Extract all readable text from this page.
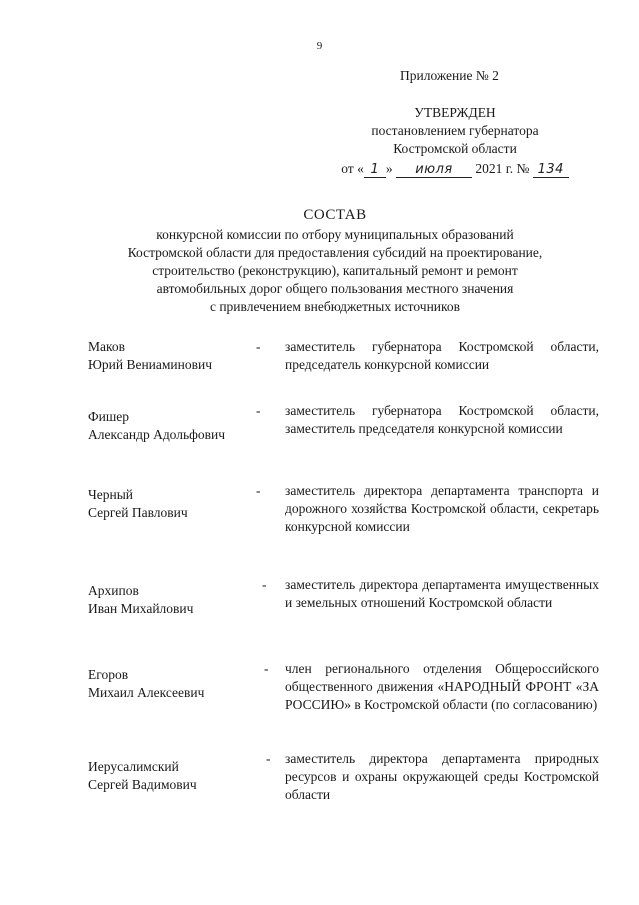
9
Приложение № 2
УТВЕРЖДЕН
постановлением губернатора
Костромской области
от « 1 » июля 2021 г. № 134
СОСТАВ
конкурсной комиссии по отбору муниципальных образований
Костромской области для предоставления субсидий на проектирование,
строительство (реконструкцию), капитальный ремонт и ремонт
автомобильных дорог общего пользования местного значения
с привлечением внебюджетных источников
Маков
Юрий Вениаминович
- заместитель губернатора Костромской области, председатель конкурсной комиссии
Фишер
Александр Адольфович
- заместитель губернатора Костромской области, заместитель председателя конкурсной комиссии
Черный
Сергей Павлович
- заместитель директора департамента транспорта и дорожного хозяйства Костромской области, секретарь конкурсной комиссии
Архипов
Иван Михайлович
- заместитель директора департамента имущественных и земельных отношений Костромской области
Егоров
Михаил Алексеевич
- член регионального отделения Общероссийского общественного движения «НАРОДНЫЙ ФРОНТ «ЗА РОССИЮ» в Костромской области (по согласованию)
Иерусалимский
Сергей Вадимович
- заместитель директора департамента природных ресурсов и охраны окружающей среды Костромской области
